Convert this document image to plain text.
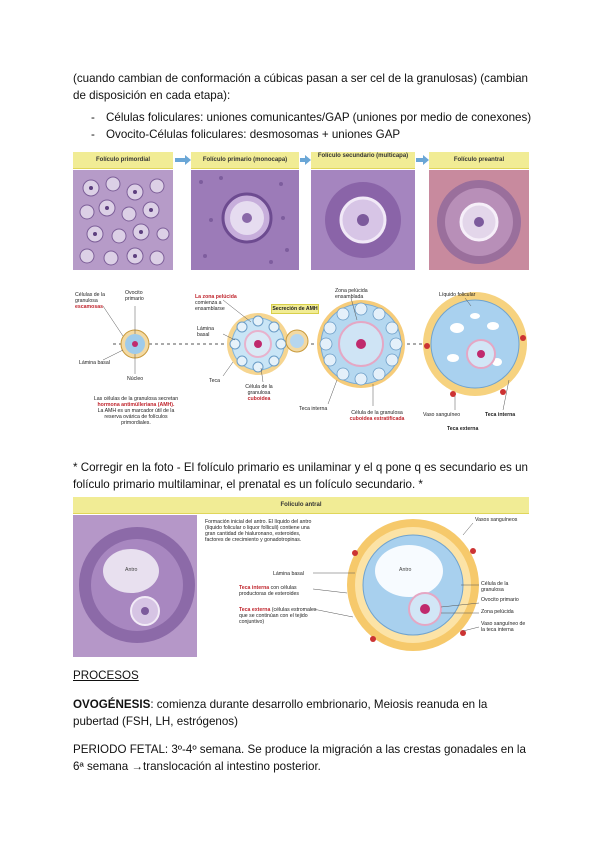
(cuando cambian de conformación a cúbicas pasan a ser cel de la granulosas) (cambian de disposición en cada etapa):
- Células foliculares: uniones comunicantes/GAP (uniones por medio de conexones)
- Ovocito-Células foliculares: desmosomas + uniones GAP
Folículo primordial	Folículo primario (monocapa)
Folículo secundario (multicapa)
Folículo preantral
Células de la granulosa
escamosas
Ovocito primario
Lámina basal
Núcleo
Las células de la granulosa secretan
hormona antimülleriana (AMH).
La AMH es un marcador útil de la reserva ovárica de folículos primordiales.
La zona pelúcida comienza a ensamblarse
Lámina basal
Secreción de AMH
Teca
Célula de la granulosa
cuboidea
Zona pelúcida ensamblada
Teca interna
Célula de la granulosa
cuboidea estratificada
Líquido folicular
Vaso sanguíneo	Teca interna
Teca externa
* Corregir en la foto - El folículo primario es unilaminar y el q pone q es secundario es un folículo primario multilaminar, el prenatal es un folículo secundario. *
Folículo antral
Antro
Formación inicial del antro. El líquido del antro (líquido folicular o liquor folliculi) contiene una gran cantidad de hialuronano, esteroides, factores de crecimiento y gonadotropinas.
Lámina basal
Teca interna con células productoras de esteroides
Teca externa (células estromales que se continúan con el tejido conjuntivo)
Antro
Vasos sanguíneos
Célula de la granulosa
Ovocito primario
Zona pelúcida
Vaso sanguíneo de la teca interna
PROCESOS
OVOGÉNESIS: comienza durante desarrollo embrionario, Meiosis reanuda en la pubertad (FSH, LH, estrógenos)
PERIODO FETAL: 3º-4º semana. Se produce la migración a las crestas gonadales en la 6ª semana →translocación al intestino posterior.
